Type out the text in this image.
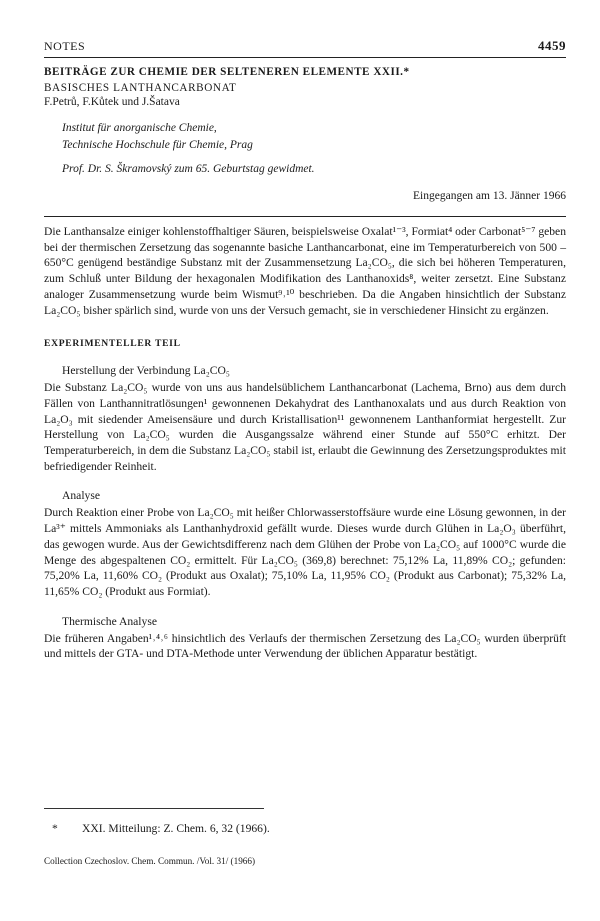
NOTES	4459
BEITRÄGE ZUR CHEMIE DER SELTENEREN ELEMENTE XXII.*
BASISCHES LANTHANCARBONAT
F.Petrů, F.Kůtek und J.Šatava
Institut für anorganische Chemie,
Technische Hochschule für Chemie, Prag
Prof. Dr. S. Škramovský zum 65. Geburtstag gewidmet.
Eingegangen am 13. Jänner 1966

Die Lanthansalze einiger kohlenstoffhaltiger Säuren, beispielsweise Oxalat¹⁻³, Formiat⁴ oder Carbonat⁵⁻⁷ geben bei der thermischen Zersetzung das sogenannte basiche Lanthancarbonat, eine im Temperaturbereich von 500 – 650°C genügend beständige Substanz mit der Zusammensetzung La₂CO₅, die sich bei höheren Temperaturen, zum Schluß unter Bildung der hexagonalen Modifikation des Lanthanoxids⁸, weiter zersetzt. Eine Substanz analoger Zusammensetzung wurde beim Wismut⁹˒¹⁰ beschrieben. Da die Angaben hinsichtlich der Substanz La₂CO₅ bisher spärlich sind, wurde von uns der Versuch gemacht, sie in verschiedener Hinsicht zu ergänzen.

EXPERIMENTELLER TEIL
Herstellung der Verbindung La₂CO₅

Die Substanz La₂CO₅ wurde von uns aus handelsüblichem Lanthancarbonat (Lachema, Brno) aus dem durch Fällen von Lanthannitratlösungen¹ gewonnenen Dekahydrat des Lanthanoxalats und aus durch Reaktion von La₂O₃ mit siedender Ameisensäure und durch Kristallisation¹¹ gewonnenem Lanthanformiat hergestellt. Zur Herstellung von La₂CO₅ wurden die Ausgangssalze während einer Stunde auf 550°C erhitzt. Der Temperaturbereich, in dem die Substanz La₂CO₅ stabil ist, erlaubt die Gewinnung des Zersetzungsproduktes mit befriedigender Reinheit.

Analyse

Durch Reaktion einer Probe von La₂CO₅ mit heißer Chlorwasserstoffsäure wurde eine Lösung gewonnen, in der La³⁺ mittels Ammoniaks als Lanthanhydroxid gefällt wurde. Dieses wurde durch Glühen in La₂O₃ überführt, das gewogen wurde. Aus der Gewichtsdifferenz nach dem Glühen der Probe von La₂CO₅ auf 1000°C wurde die Menge des abgespaltenen CO₂ ermittelt. Für La₂CO₅ (369,8) berechnet: 75,12% La, 11,89% CO₂; gefunden: 75,20% La, 11,60% CO₂ (Produkt aus Oxalat); 75,10% La, 11,95% CO₂ (Produkt aus Carbonat); 75,32% La, 11,65% CO₂ (Produkt aus Formiat).

Thermische Analyse

Die früheren Angaben¹˒⁴˒⁶ hinsichtlich des Verlaufs der thermischen Zersetzung des La₂CO₅ wurden überprüft und mittels der GTA- und DTA-Methode unter Verwendung der üblichen Apparatur bestätigt.

* XXI. Mitteilung: Z. Chem. 6, 32 (1966).
Collection Czechoslov. Chem. Commun. /Vol. 31/ (1966)
